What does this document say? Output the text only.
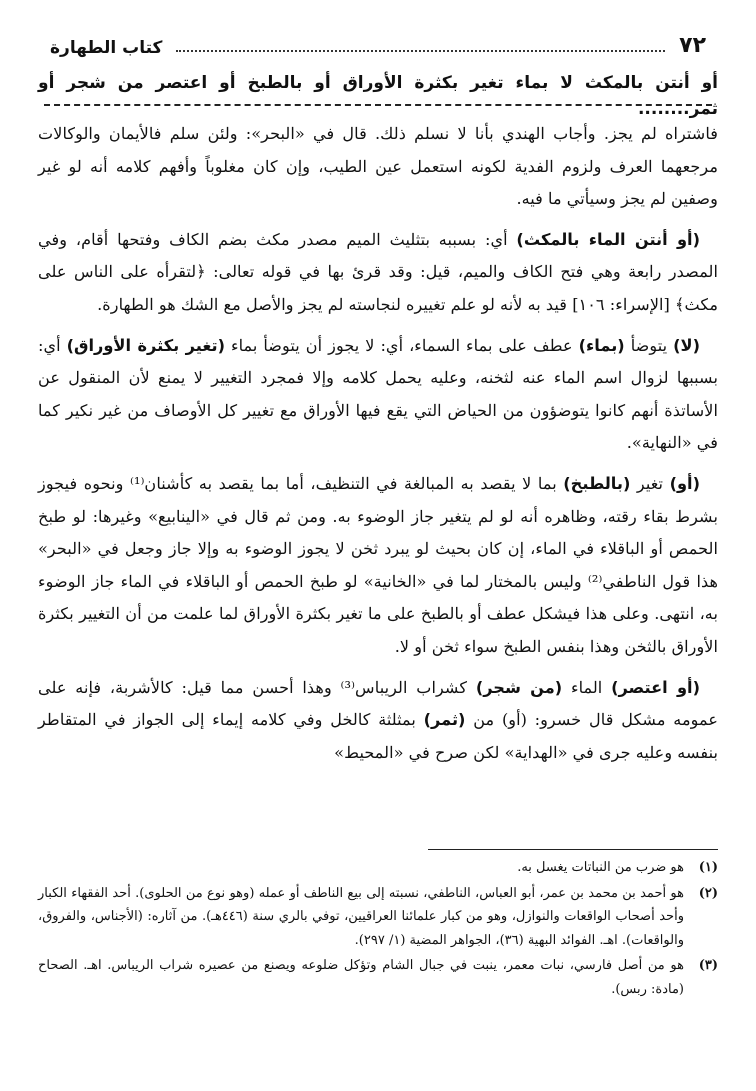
٧٢
كتاب الطهارة
أو أنتن بالمكث لا بماء تغير بكثرة الأوراق أو بالطبخ أو اعتصر من شجر أو ثمر........

فاشتراه لم يجز. وأجاب الهندي بأنا لا نسلم ذلك. قال في «البحر»: ولئن سلم فالأيمان والوكالات مرجعهما العرف ولزوم الفدية لكونه استعمل عين الطيب، وإن كان مغلوباً وأفهم كلامه أنه لو غير وصفين لم يجز وسيأتي ما فيه.

(أو أنتن الماء بالمكث) أي: بسببه بتثليث الميم مصدر مكث بضم الكاف وفتحها أقام، وفي المصدر رابعة وهي فتح الكاف والميم، قيل: وقد قرئ بها في قوله تعالى: ﴿لتقرأه على الناس على مكث﴾ [الإسراء: ١٠٦] قيد به لأنه لو علم تغييره لنجاسته لم يجز والأصل مع الشك هو الطهارة.

(لا) يتوضأ (بماء) عطف على بماء السماء، أي: لا يجوز أن يتوضأ بماء (تغير بكثرة الأوراق) أي: بسببها لزوال اسم الماء عنه لثخنه، وعليه يحمل كلامه وإلا فمجرد التغيير لا يمنع لأن المنقول عن الأساتذة أنهم كانوا يتوضؤون من الحياض التي يقع فيها الأوراق مع تغيير كل الأوصاف من غير نكير كما في «النهاية».

(أو) تغير (بالطبخ) بما لا يقصد به المبالغة في التنظيف، أما بما يقصد به كأشنان⁽¹⁾ ونحوه فيجوز بشرط بقاء رقته، وظاهره أنه لو لم يتغير جاز الوضوء به. ومن ثم قال في «الينابيع» وغيرها: لو طبخ الحمص أو الباقلاء في الماء، إن كان بحيث لو يبرد ثخن لا يجوز الوضوء به وإلا جاز وجعل في «البحر» هذا قول الناطفي⁽²⁾ وليس بالمختار لما في «الخانية» لو طبخ الحمص أو الباقلاء في الماء جاز الوضوء به، انتهى. وعلى هذا فيشكل عطف أو بالطبخ على ما تغير بكثرة الأوراق لما علمت من أن التغيير بكثرة الأوراق بالثخن وهذا بنفس الطبخ سواء ثخن أو لا.

(أو اعتصر) الماء (من شجر) كشراب الريباس⁽³⁾ وهذا أحسن مما قيل: كالأشربة، فإنه على عمومه مشكل قال خسرو: (أو) من (ثمر) بمثلثة كالخل وفي كلامه إيماء إلى الجواز في المتقاطر بنفسه وعليه جرى في «الهداية» لكن صرح في «المحيط»

(١)
هو ضرب من النباتات يغسل به.
(٢)
هو أحمد بن محمد بن عمر، أبو العباس، الناطفي، نسبته إلى بيع الناطف أو عمله (وهو نوع من الحلوى). أحد الفقهاء الكبار وأحد أصحاب الواقعات والنوازل، وهو من كبار علمائنا العراقيين، توفي بالري سنة (٤٤٦هـ). من آثاره: (الأجناس، والفروق، والواقعات). اهـ. الفوائد البهية (٣٦)، الجواهر المضية (١/ ٢٩٧).
(٣)
هو من أصل فارسي، نبات معمر، ينبت في جبال الشام وتؤكل ضلوعه ويصنع من عصيره شراب الريباس. اهـ. الصحاح (مادة: ربس).
